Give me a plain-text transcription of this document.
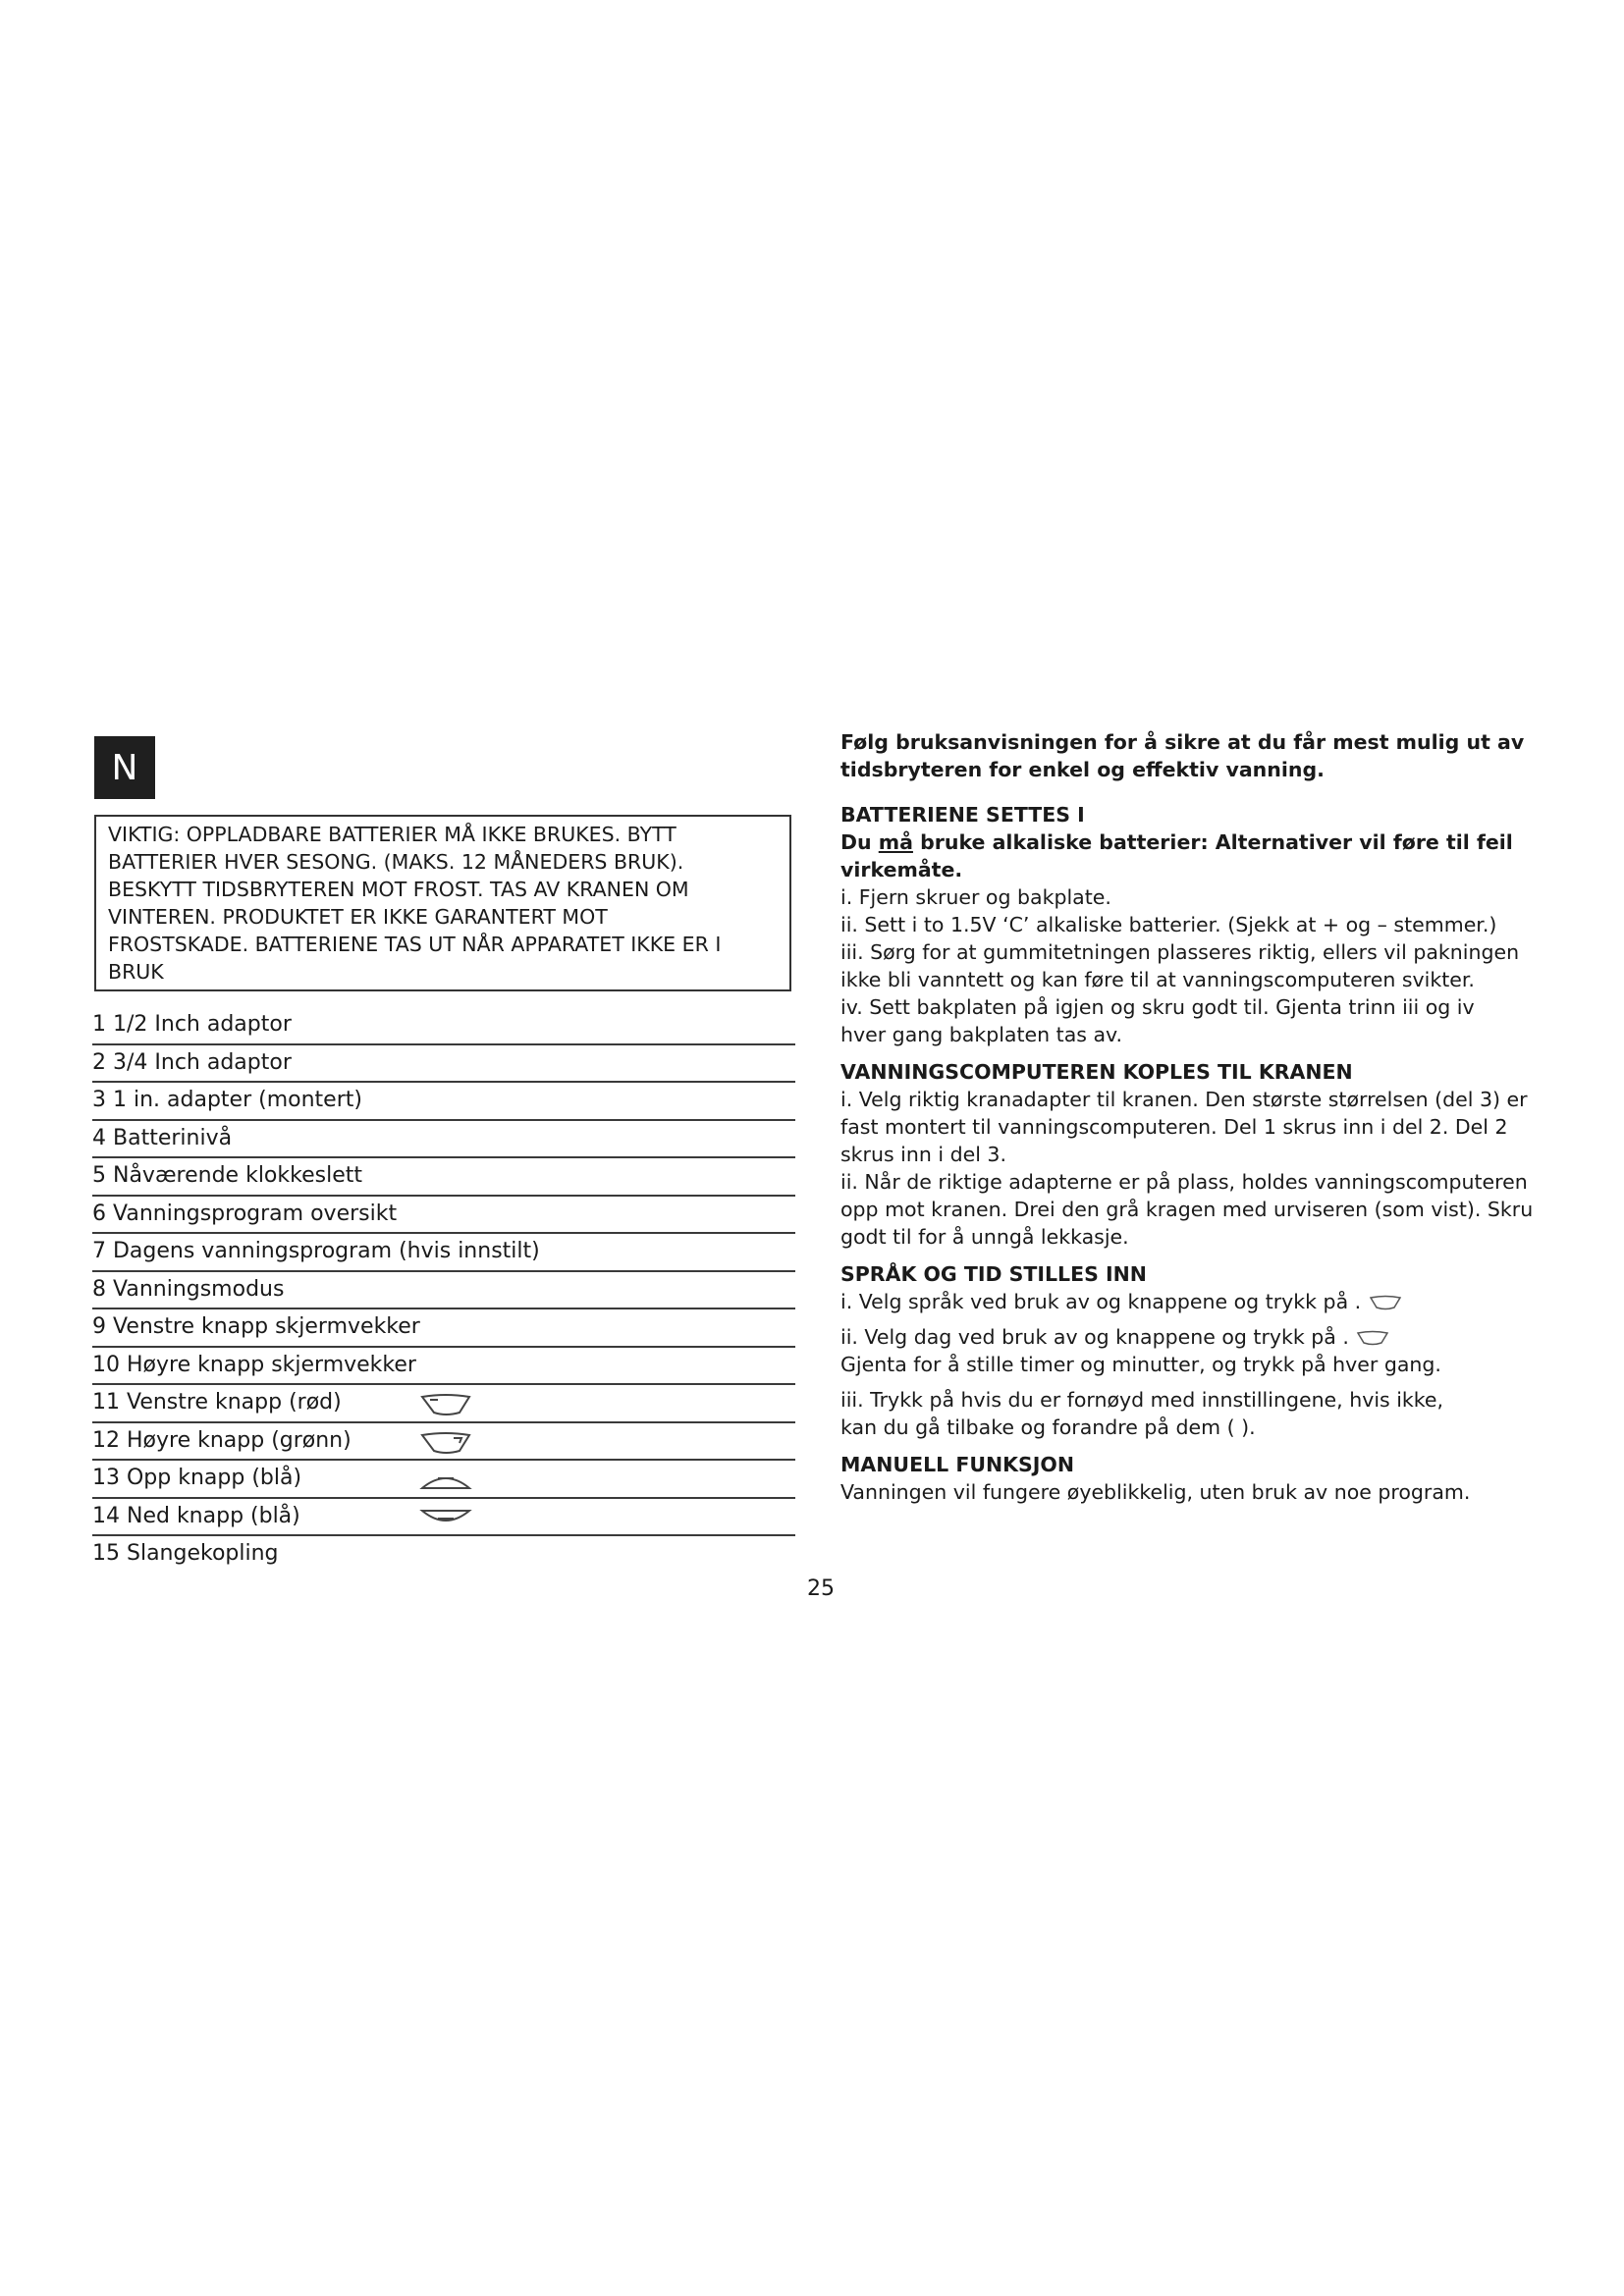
N
VIKTIG: OPPLADBARE BATTERIER MÅ IKKE BRUKES. BYTT
BATTERIER HVER SESONG. (MAKS. 12 MÅNEDERS BRUK).
BESKYTT TIDSBRYTEREN MOT FROST. TAS AV KRANEN OM
VINTEREN. PRODUKTET ER IKKE GARANTERT MOT
FROSTSKADE. BATTERIENE TAS UT NÅR APPARATET IKKE ER I
BRUK
1 1/2 Inch adaptor
2 3/4 Inch adaptor
3 1 in. adapter (montert)
4 Batterinivå
5 Nåværende klokkeslett
6 Vanningsprogram oversikt
7 Dagens vanningsprogram (hvis innstilt)
8 Vanningsmodus
9 Venstre knapp skjermvekker
10 Høyre knapp skjermvekker
11 Venstre knapp (rød)
12 Høyre knapp (grønn)
13 Opp knapp (blå)
14 Ned knapp (blå)
15 Slangekopling
Følg bruksanvisningen for å sikre at du får mest mulig ut av
tidsbryteren for enkel og effektiv vanning.
BATTERIENE SETTES I
Du må bruke alkaliske batterier: Alternativer vil føre til feil
virkemåte.
i. Fjern skruer og bakplate.
ii. Sett i to 1.5V ‘C’ alkaliske batterier. (Sjekk at + og – stemmer.)
iii. Sørg for at gummitetningen plasseres riktig, ellers vil pakningen
ikke bli vanntett og kan føre til at vanningscomputeren svikter.
iv. Sett bakplaten på igjen og skru godt til. Gjenta trinn iii og iv
hver gang bakplaten tas av.
VANNINGSCOMPUTEREN KOPLES TIL KRANEN
i. Velg riktig kranadapter til kranen. Den største størrelsen (del 3) er
fast montert til vanningscomputeren. Del 1 skrus inn i del 2. Del 2
skrus inn i del 3.
ii. Når de riktige adapterne er på plass, holdes vanningscomputeren
opp mot kranen. Drei den grå kragen med urviseren (som vist). Skru
godt til for å unngå lekkasje.
SPRÅK OG TID STILLES INN
i. Velg språk ved bruk av og knappene og trykk på .
ii. Velg dag ved bruk av og knappene og trykk på .
Gjenta for å stille timer og minutter, og trykk på hver gang.
iii. Trykk på hvis du er fornøyd med innstillingene, hvis ikke,
kan du gå tilbake og forandre på dem ( ).
MANUELL FUNKSJON
Vanningen vil fungere øyeblikkelig, uten bruk av noe program.
25
